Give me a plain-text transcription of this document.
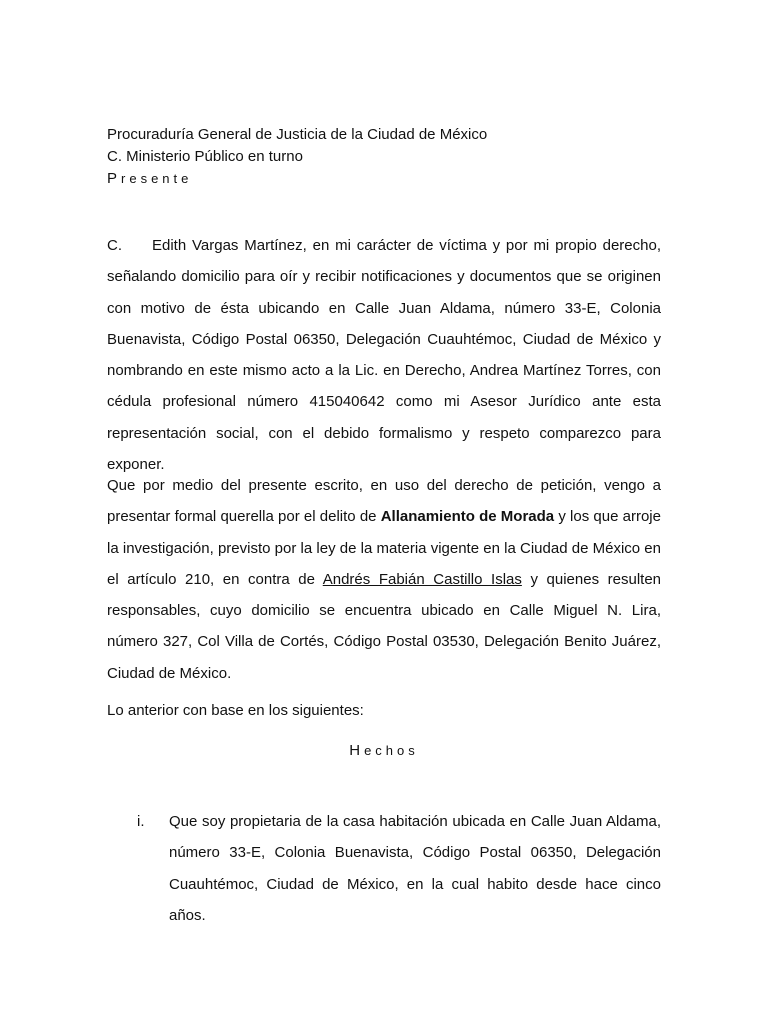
Procuraduría General de Justicia de la Ciudad de México
C. Ministerio Público en turno
Presente

C. Edith Vargas Martínez, en mi carácter de víctima y por mi propio derecho, señalando domicilio para oír y recibir notificaciones y documentos que se originen con motivo de ésta ubicando en Calle Juan Aldama, número 33-E, Colonia Buenavista, Código Postal 06350, Delegación Cuauhtémoc, Ciudad de México y nombrando en este mismo acto a la Lic. en Derecho, Andrea Martínez Torres, con cédula profesional número 415040642 como mi Asesor Jurídico ante esta representación social, con el debido formalismo y respeto comparezco para exponer.

Que por medio del presente escrito, en uso del derecho de petición, vengo a presentar formal querella por el delito de Allanamiento de Morada y los que arroje la investigación, previsto por la ley de la materia vigente en la Ciudad de México en el artículo 210, en contra de Andrés Fabián Castillo Islas y quienes resulten responsables, cuyo domicilio se encuentra ubicado en Calle Miguel N. Lira, número 327, Col Villa de Cortés, Código Postal 03530, Delegación Benito Juárez, Ciudad de México.

Lo anterior con base en los siguientes:
Hechos
i. Que soy propietaria de la casa habitación ubicada en Calle Juan Aldama, número 33-E, Colonia Buenavista, Código Postal 06350, Delegación Cuauhtémoc, Ciudad de México, en la cual habito desde hace cinco años.
